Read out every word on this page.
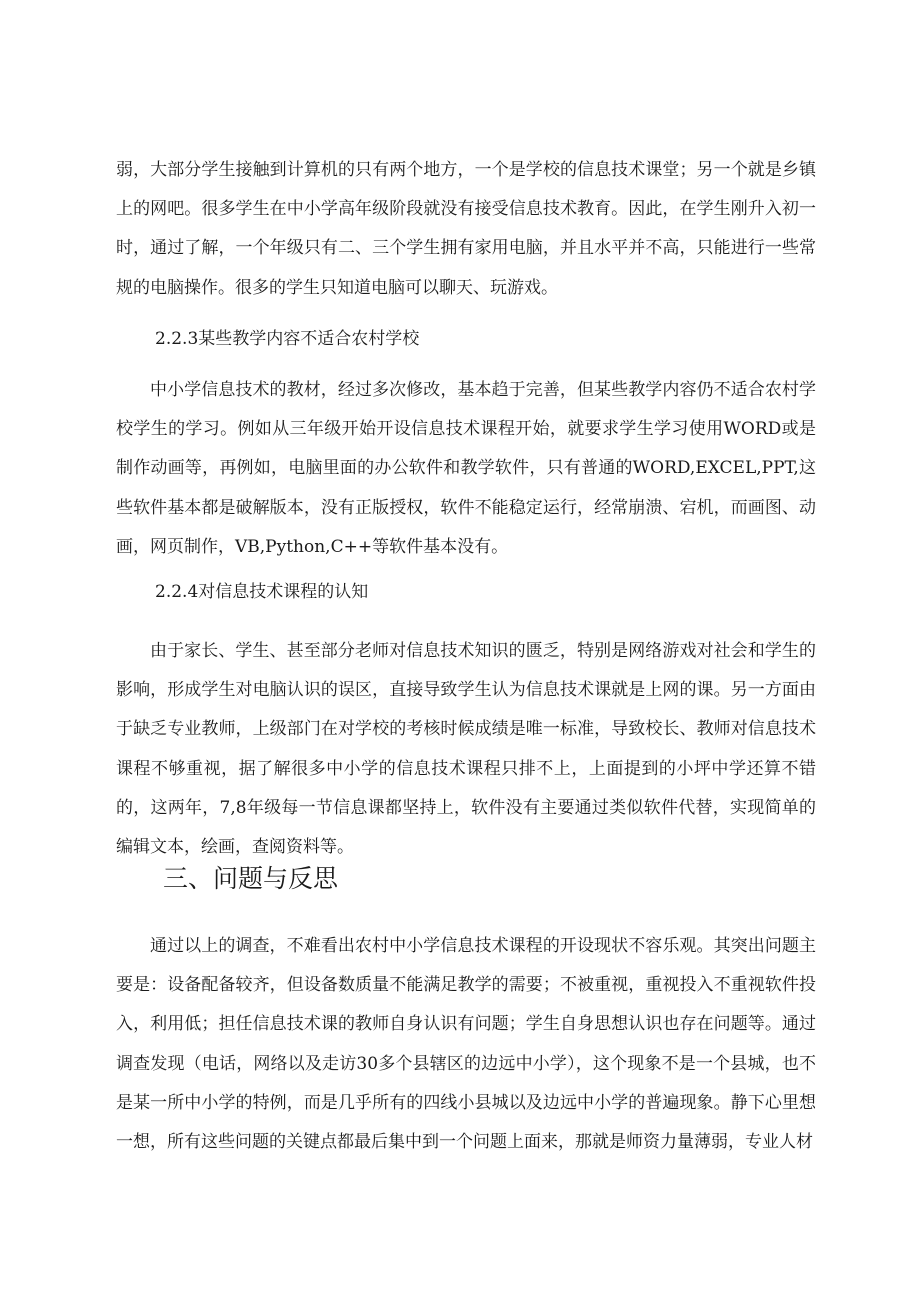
弱，大部分学生接触到计算机的只有两个地方，一个是学校的信息技术课堂；另一个就是乡镇上的网吧。很多学生在中小学高年级阶段就没有接受信息技术教育。因此，在学生刚升入初一时，通过了解，一个年级只有二、三个学生拥有家用电脑，并且水平并不高，只能进行一些常规的电脑操作。很多的学生只知道电脑可以聊天、玩游戏。

2.2.3某些教学内容不适合农村学校

中小学信息技术的教材，经过多次修改，基本趋于完善，但某些教学内容仍不适合农村学校学生的学习。例如从三年级开始开设信息技术课程开始，就要求学生学习使用WORD或是制作动画等，再例如，电脑里面的办公软件和教学软件，只有普通的WORD,EXCEL,PPT,这些软件基本都是破解版本，没有正版授权，软件不能稳定运行，经常崩溃、宕机，而画图、动画，网页制作，VB,Python,C++等软件基本没有。

2.2.4对信息技术课程的认知

由于家长、学生、甚至部分老师对信息技术知识的匮乏，特别是网络游戏对社会和学生的影响，形成学生对电脑认识的误区，直接导致学生认为信息技术课就是上网的课。另一方面由于缺乏专业教师，上级部门在对学校的考核时候成绩是唯一标准，导致校长、教师对信息技术课程不够重视，据了解很多中小学的信息技术课程只排不上，上面提到的小坪中学还算不错的，这两年，7,8年级每一节信息课都坚持上，软件没有主要通过类似软件代替，实现简单的编辑文本，绘画，查阅资料等。

三、问题与反思

通过以上的调查，不难看出农村中小学信息技术课程的开设现状不容乐观。其突出问题主要是：设备配备较齐，但设备数质量不能满足教学的需要；不被重视，重视投入不重视软件投入，利用低；担任信息技术课的教师自身认识有问题；学生自身思想认识也存在问题等。通过调查发现（电话，网络以及走访30多个县辖区的边远中小学），这个现象不是一个县城，也不是某一所中小学的特例，而是几乎所有的四线小县城以及边远中小学的普遍现象。静下心里想一想，所有这些问题的关键点都最后集中到一个问题上面来，那就是师资力量薄弱，专业人材
